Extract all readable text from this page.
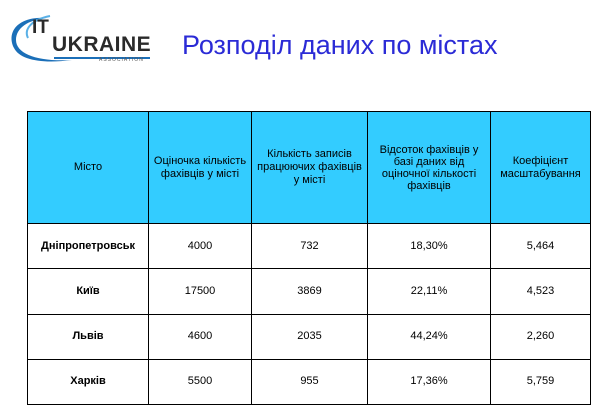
IT
UKRAINE
ASSOCIATION Розподіл даних по містах
Місто	Оціночка кількість фахівців у місті	Кількість записів працюючих фахівців у місті	Відсоток фахівців у базі даних від оціночної кількості фахівців	Коефіцієнт масштабування
Дніпропетровськ	4000	732	18,30%	5,464
Київ	17500	3869	22,11%	4,523
Львів	4600	2035	44,24%	2,260
Харків	5500	955	17,36%	5,759
